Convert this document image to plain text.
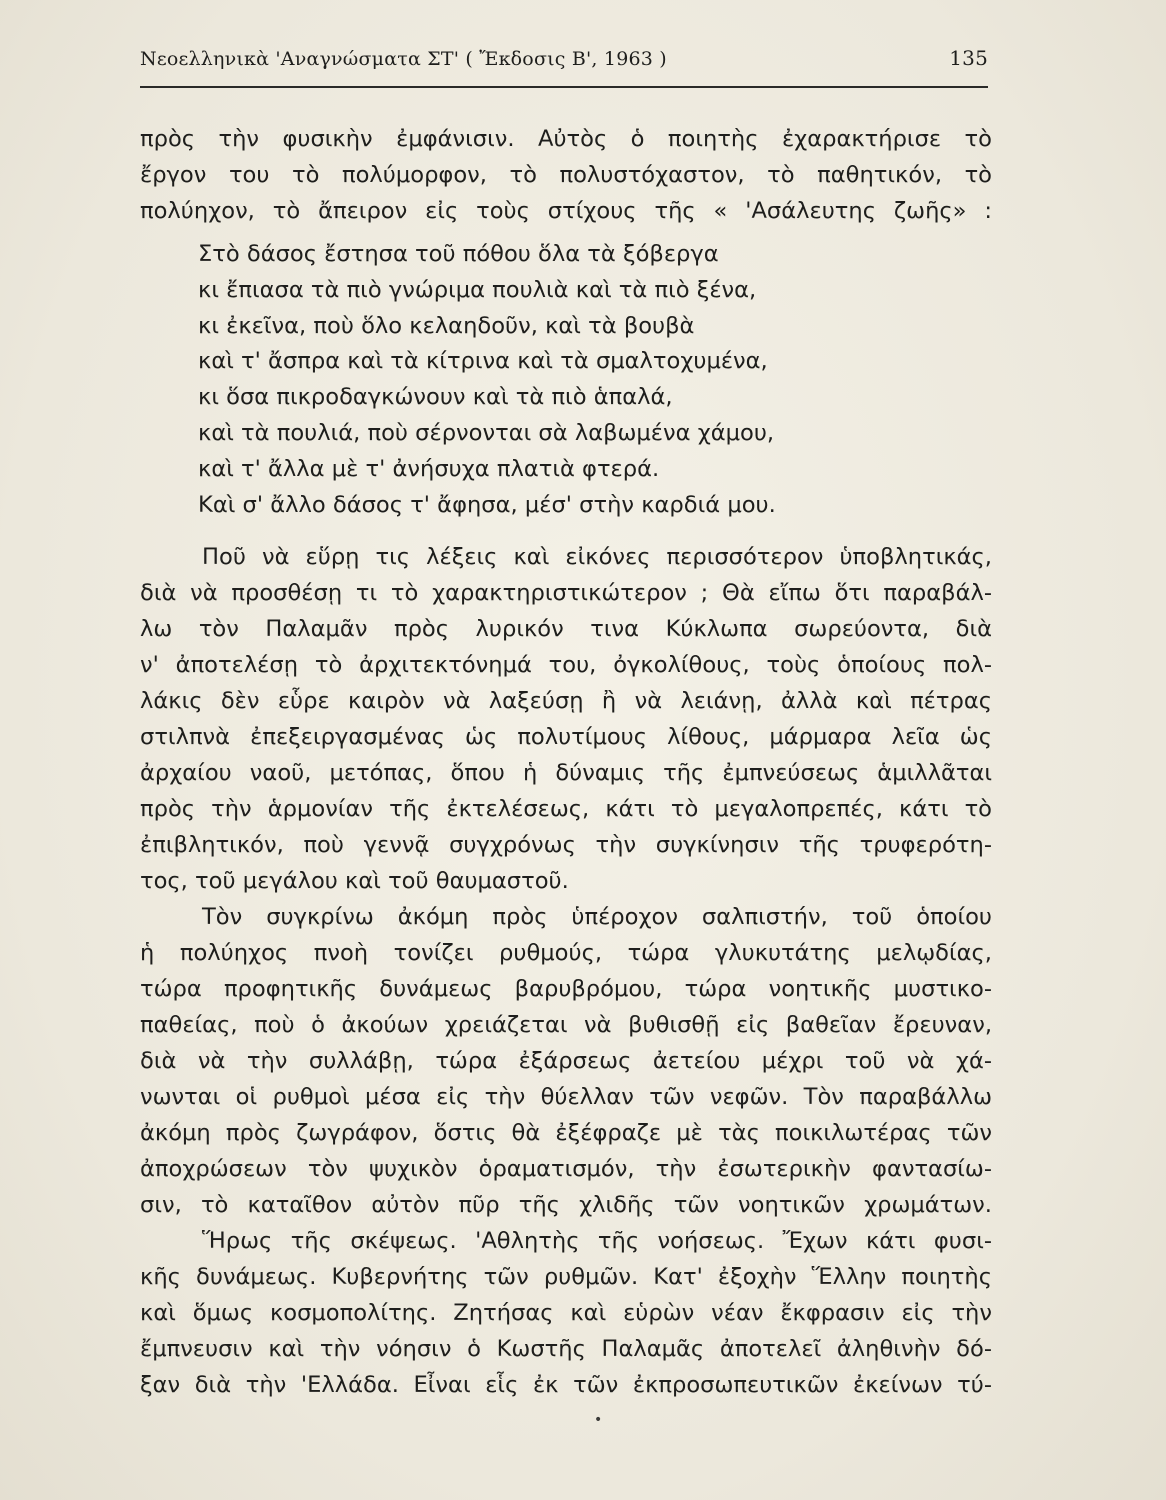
Νεοελληνικὰ 'Αναγνώσματα ΣΤ' ( Ἔκδοσις Β', 1963 )	135
πρὸς τὴν φυσικὴν ἐμφάνισιν. Αὐτὸς ὁ ποιητὴς ἐχαρακτήρισε τὸ
ἔργον του τὸ πολύμορφον, τὸ πολυστόχαστον, τὸ παθητικόν, τὸ
πολύηχον, τὸ ἄπειρον εἰς τοὺς στίχους τῆς « 'Ασάλευτης ζωῆς» :
Στὸ δάσος ἔστησα τοῦ πόθου ὅλα τὰ ξόβεργα
κι ἔπιασα τὰ πιὸ γνώριμα πουλιὰ καὶ τὰ πιὸ ξένα,
κι ἐκεῖνα, ποὺ ὅλο κελαηδοῦν, καὶ τὰ βουβὰ
καὶ τ' ἄσπρα καὶ τὰ κίτρινα καὶ τὰ σμαλτοχυμένα,
κι ὅσα πικροδαγκώνουν καὶ τὰ πιὸ ἁπαλά,
καὶ τὰ πουλιά, ποὺ σέρνονται σὰ λαβωμένα χάμου,
καὶ τ' ἄλλα μὲ τ' ἀνήσυχα πλατιὰ φτερά.
Καὶ σ' ἄλλο δάσος τ' ἄφησα, μέσ' στὴν καρδιά μου.
Ποῦ νὰ εὕρῃ τις λέξεις καὶ εἰκόνες περισσότερον ὑποβλητικάς,
διὰ νὰ προσθέσῃ τι τὸ χαρακτηριστικώτερον ; Θὰ εἴπω ὅτι παραβάλ-
λω τὸν Παλαμᾶν πρὸς λυρικόν τινα Κύκλωπα σωρεύοντα, διὰ
ν' ἀποτελέσῃ τὸ ἀρχιτεκτόνημά του, ὀγκολίθους, τοὺς ὁποίους πολ-
λάκις δὲν εὗρε καιρὸν νὰ λαξεύσῃ ἢ νὰ λειάνῃ, ἀλλὰ καὶ πέτρας
στιλπνὰ ἐπεξειργασμένας ὡς πολυτίμους λίθους, μάρμαρα λεῖα ὡς
ἀρχαίου ναοῦ, μετόπας, ὅπου ἡ δύναμις τῆς ἐμπνεύσεως ἁμιλλᾶται
πρὸς τὴν ἁρμονίαν τῆς ἐκτελέσεως, κάτι τὸ μεγαλοπρεπές, κάτι τὸ
ἐπιβλητικόν, ποὺ γεννᾷ συγχρόνως τὴν συγκίνησιν τῆς τρυφερότη-
τος, τοῦ μεγάλου καὶ τοῦ θαυμαστοῦ.
Τὸν συγκρίνω ἀκόμη πρὸς ὑπέροχον σαλπιστήν, τοῦ ὁποίου
ἡ πολύηχος πνοὴ τονίζει ρυθμούς, τώρα γλυκυτάτης μελῳδίας,
τώρα προφητικῆς δυνάμεως βαρυβρόμου, τώρα νοητικῆς μυστικο-
παθείας, ποὺ ὁ ἀκούων χρειάζεται νὰ βυθισθῇ εἰς βαθεῖαν ἔρευναν,
διὰ νὰ τὴν συλλάβῃ, τώρα ἐξάρσεως ἀετείου μέχρι τοῦ νὰ χά-
νωνται οἱ ρυθμοὶ μέσα εἰς τὴν θύελλαν τῶν νεφῶν. Τὸν παραβάλλω
ἀκόμη πρὸς ζωγράφον, ὅστις θὰ ἐξέφραζε μὲ τὰς ποικιλωτέρας τῶν
ἀποχρώσεων τὸν ψυχικὸν ὁραματισμόν, τὴν ἐσωτερικὴν φαντασίω-
σιν, τὸ καταῖθον αὐτὸν πῦρ τῆς χλιδῆς τῶν νοητικῶν χρωμάτων.
Ἥρως τῆς σκέψεως. 'Αθλητὴς τῆς νοήσεως. Ἔχων κάτι φυσι-
κῆς δυνάμεως. Κυβερνήτης τῶν ρυθμῶν. Κατ' ἐξοχὴν Ἕλλην ποιητὴς
καὶ ὅμως κοσμοπολίτης. Ζητήσας καὶ εὑρὼν νέαν ἔκφρασιν εἰς τὴν
ἔμπνευσιν καὶ τὴν νόησιν ὁ Κωστῆς Παλαμᾶς ἀποτελεῖ ἀληθινὴν δό-
ξαν διὰ τὴν 'Ελλάδα. Εἶναι εἷς ἐκ τῶν ἐκπροσωπευτικῶν ἐκείνων τύ-
•
